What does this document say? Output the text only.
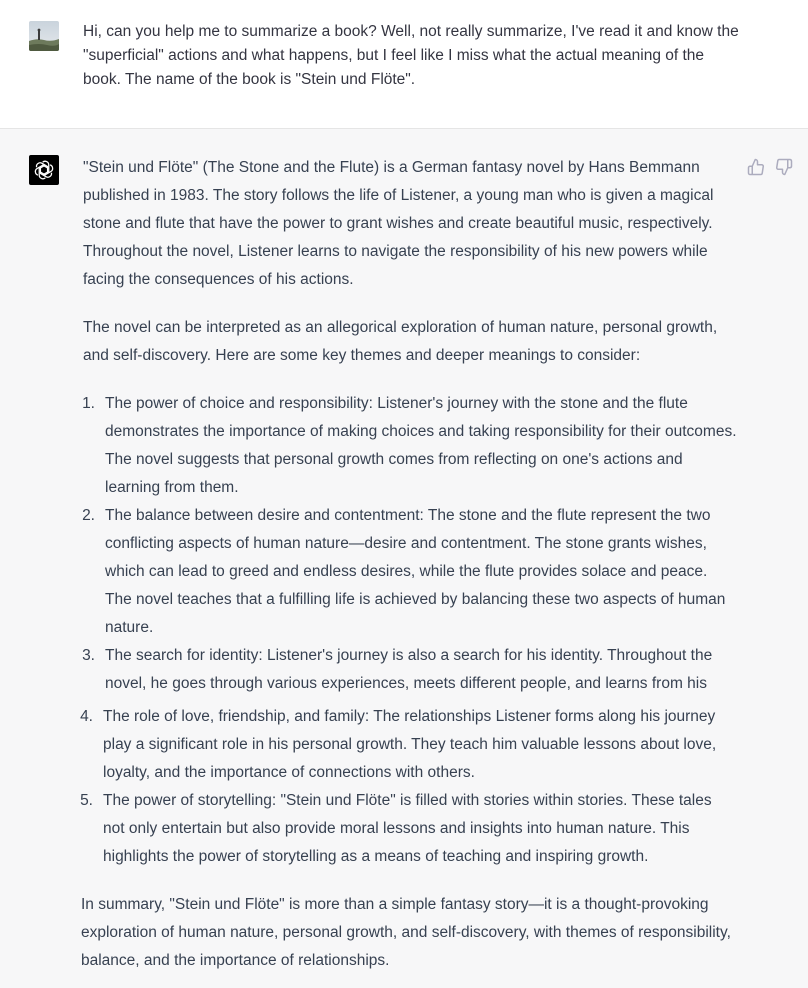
Hi, can you help me to summarize a book? Well, not really summarize, I've read it and know the "superficial" actions and what happens, but I feel like I miss what the actual meaning of the book. The name of the book is "Stein und Flöte".

"Stein und Flöte" (The Stone and the Flute) is a German fantasy novel by Hans Bemmann published in 1983. The story follows the life of Listener, a young man who is given a magical stone and flute that have the power to grant wishes and create beautiful music, respectively. Throughout the novel, Listener learns to navigate the responsibility of his new powers while facing the consequences of his actions.

The novel can be interpreted as an allegorical exploration of human nature, personal growth, and self-discovery. Here are some key themes and deeper meanings to consider:

1. The power of choice and responsibility: Listener's journey with the stone and the flute demonstrates the importance of making choices and taking responsibility for their outcomes. The novel suggests that personal growth comes from reflecting on one's actions and learning from them.

2. The balance between desire and contentment: The stone and the flute represent the two conflicting aspects of human nature—desire and contentment. The stone grants wishes, which can lead to greed and endless desires, while the flute provides solace and peace. The novel teaches that a fulfilling life is achieved by balancing these two aspects of human nature.

3. The search for identity: Listener's journey is also a search for his identity. Throughout the novel, he goes through various experiences, meets different people, and learns from his

4. The role of love, friendship, and family: The relationships Listener forms along his journey play a significant role in his personal growth. They teach him valuable lessons about love, loyalty, and the importance of connections with others.

5. The power of storytelling: "Stein und Flöte" is filled with stories within stories. These tales not only entertain but also provide moral lessons and insights into human nature. This highlights the power of storytelling as a means of teaching and inspiring growth.

In summary, "Stein und Flöte" is more than a simple fantasy story—it is a thought-provoking exploration of human nature, personal growth, and self-discovery, with themes of responsibility, balance, and the importance of relationships.
